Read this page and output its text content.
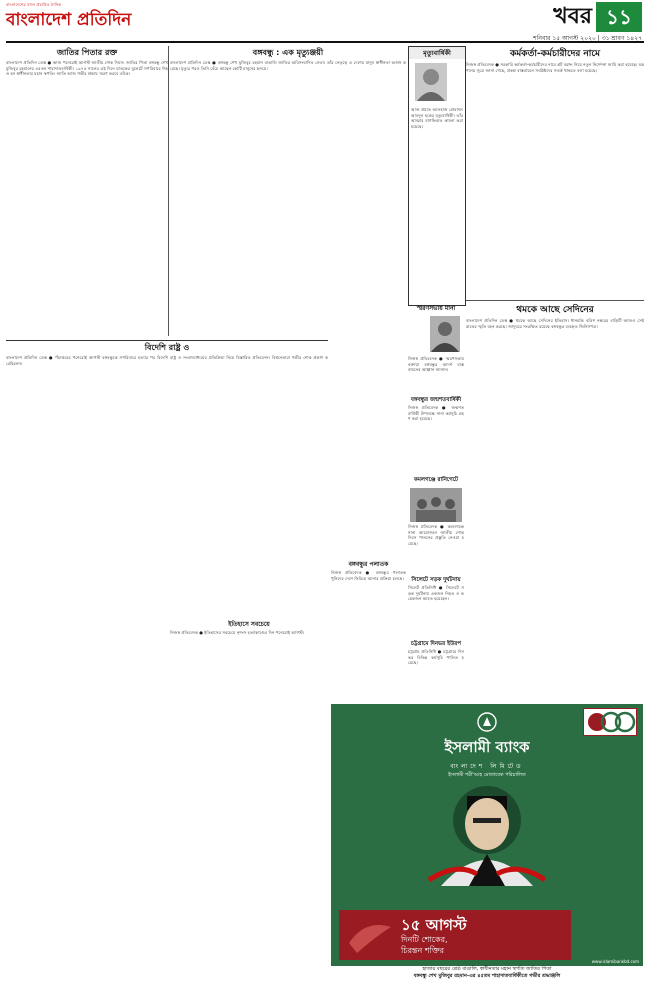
বাংলাদেশের বহুল প্রচারিত দৈনিক
বাংলাদেশ প্রতিদিন	খবর ১১
শনিবার ১৫ আগস্ট ২০২০ | ৩১ শ্রাবণ ১৪২৭
জাতির পিতার রক্ত
বাংলাদেশ প্রতিদিন ডেস্ক ● আজ পনেরোই আগস্ট জাতীয় শোক দিবস। জাতির পিতা বঙ্গবন্ধু শেখ মুজিবুর রহমানের ৪৫তম শাহাদাতবার্ষিকী। ১৯৭৫ সালের এই দিনে ঘাতকের বুলেটে সপরিবারে নিহত হন স্বাধীনতার মহান স্থপতি। জাতি আজ গভীর শ্রদ্ধায় স্মরণ করবে তাঁকে।
বিদেশি রাষ্ট্র ও
বাংলাদেশ প্রতিদিন ডেস্ক ● পঁচাত্তরের পনেরোই আগস্ট বঙ্গবন্ধুকে সপরিবারে হত্যার পর বিদেশি রাষ্ট্র ও সংবাদমাধ্যমের প্রতিক্রিয়া নিয়ে বিস্তারিত প্রতিবেদন। বিশ্বনেতারা গভীর শোক প্রকাশ করেছিলেন।
বঙ্গবন্ধু : এক মৃত্যুঞ্জয়ী
বাংলাদেশ প্রতিদিন ডেস্ক ● বঙ্গবন্ধু শেখ মুজিবুর রহমান বাঙালি জাতির অবিসংবাদিত নেতা। তাঁর নেতৃত্বে এ দেশের মানুষ স্বাধীনতা অর্জন করেছে। মৃত্যুর পরও তিনি বেঁচে আছেন কোটি মানুষের হৃদয়ে।
মৃত্যুবার্ষিকী
আজ প্রয়াত আলহাজ মোহাম্মদ আবদুল হকের মৃত্যুবার্ষিকী। তাঁর আত্মার মাগফিরাত কামনা করা হয়েছে।
স্মরণসভায় মানা
নিজস্ব প্রতিবেদক ● স্মরণসভায় বক্তারা বঙ্গবন্ধুর আদর্শ বাস্তবায়নের আহ্বান জানান।
কর্মকর্তা-কর্মচারীদের নামে
নিজস্ব প্রতিবেদক ● সরকারি কর্মকর্তা-কর্মচারীদের নামে প্লট বরাদ্দ নিয়ে নতুন নির্দেশনা জারি করা হয়েছে। মন্ত্রণালয় সূত্রে জানা গেছে, প্রকল্প বাস্তবায়নে সংশ্লিষ্টদের সতর্ক থাকতে বলা হয়েছে।
থমকে আছে সেদিনের
বাংলাদেশ প্রতিদিন ডেস্ক ● থমকে আছে সেদিনের ইতিহাস। ধানমন্ডি বত্রিশ নম্বরের বাড়িটি আজও সেই রাতের স্মৃতি বহন করছে। জাদুঘরে সংরক্ষিত রয়েছে বঙ্গবন্ধুর ব্যবহৃত জিনিসপত্র।
বঙ্গবন্ধুর জন্মশতবার্ষিকী
নিজস্ব প্রতিবেদক ● জন্মশতবার্ষিকী উপলক্ষে নানা কর্মসূচি গ্রহণ করা হয়েছে।
কমলগঞ্জে রানিগেটে
নিজস্ব প্রতিবেদক ● কমলগঞ্জে নানা আয়োজনে জাতীয় শোক দিবস পালনের প্রস্তুতি নেওয়া হয়েছে।
সিলেটে সড়ক দুর্ঘটনায়
সিলেট প্রতিনিধি ● সিলেটে সড়ক দুর্ঘটনায় একজন নিহত ও কয়েকজন আহত হয়েছেন।
চট্টগ্রামে দিনভর ইউরপ
চট্টগ্রাম প্রতিনিধি ● চট্টগ্রামে দিনভর বিভিন্ন কর্মসূচি পালিত হয়েছে।
বঙ্গবন্ধুর পলাতক
নিজস্ব প্রতিবেদক ● বঙ্গবন্ধুর পলাতক খুনিদের দেশে ফিরিয়ে আনার প্রক্রিয়া চলছে।
ইতিহাসে সবচেয়ে
নিজস্ব প্রতিবেদক ● ইতিহাসের সবচেয়ে নৃশংস হত্যাকাণ্ডের দিন পনেরোই আগস্ট।
ইসলামী ব্যাংক
বাংলাদেশ লিমিটেড
ইসলামী শরী'আহ মোতাবেক পরিচালিত
১৫ আগস্ট
দিনটি শোকের,
চিরন্তন শক্তির
www.islamibankbd.com
হাজার বছরের শ্রেষ্ঠ বাঙালি, স্বাধীনতার মহান স্থপতি জাতির পিতা
বঙ্গবন্ধু শেখ মুজিবুর রহমান-এর ৪৫তম শাহাদাতবার্ষিকীতে গভীর শ্রদ্ধাঞ্জলি
